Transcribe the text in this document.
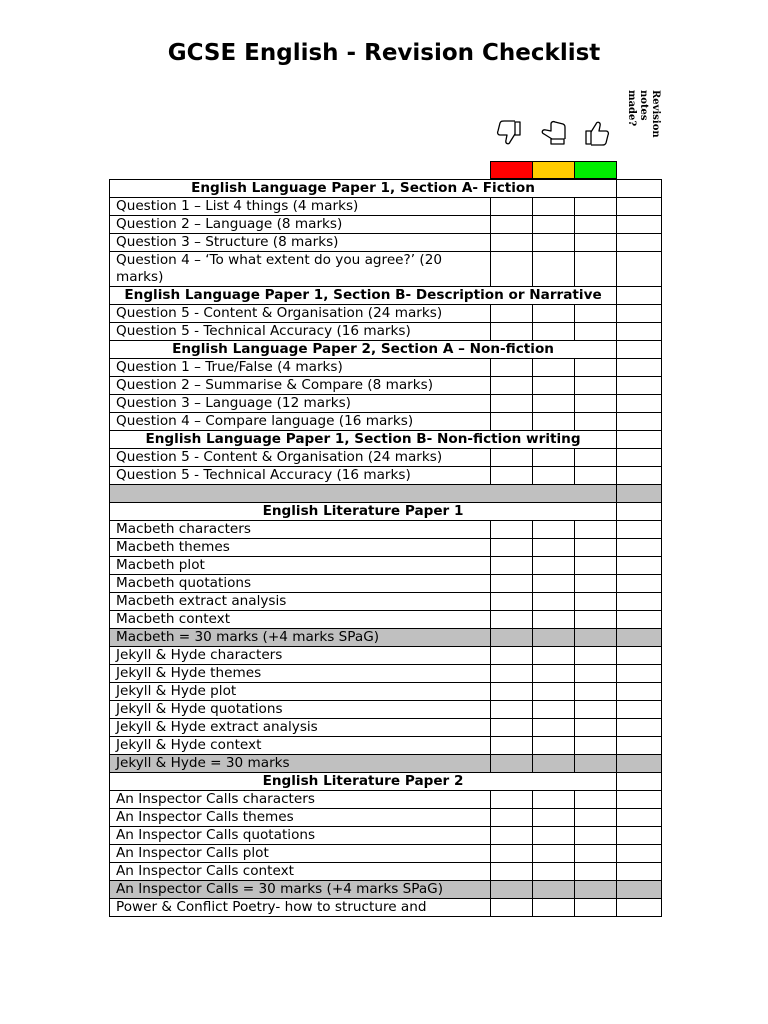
GCSE English - Revision Checklist
Revision notes made?
English Language Paper 1, Section A- Fiction				
Question 1 – List 4 things (4 marks)				
Question 2 – Language (8 marks)				
Question 3 – Structure (8 marks)				
Question 4 – ‘To what extent do you agree?’ (20 marks)				
English Language Paper 1, Section B- Description or Narrative				
Question 5 - Content & Organisation (24 marks)				
Question 5 - Technical Accuracy (16 marks)				
English Language Paper 2, Section A – Non-fiction				
Question 1 – True/False (4 marks)				
Question 2 – Summarise & Compare (8 marks)				
Question 3 – Language (12 marks)				
Question 4 – Compare language (16 marks)				
English Language Paper 1, Section B- Non-fiction writing				
Question 5 - Content & Organisation (24 marks)				
Question 5 - Technical Accuracy (16 marks)				

English Literature Paper 1				
Macbeth characters				
Macbeth themes				
Macbeth plot				
Macbeth quotations				
Macbeth extract analysis				
Macbeth context				
Macbeth = 30 marks (+4 marks SPaG)				
Jekyll & Hyde characters				
Jekyll & Hyde themes				
Jekyll & Hyde plot				
Jekyll & Hyde quotations				
Jekyll & Hyde extract analysis				
Jekyll & Hyde context				
Jekyll & Hyde = 30 marks				
English Literature Paper 2				
An Inspector Calls characters				
An Inspector Calls themes				
An Inspector Calls quotations				
An Inspector Calls plot				
An Inspector Calls context				
An Inspector Calls = 30 marks (+4 marks SPaG)				
Power & Conflict Poetry- how to structure and				
